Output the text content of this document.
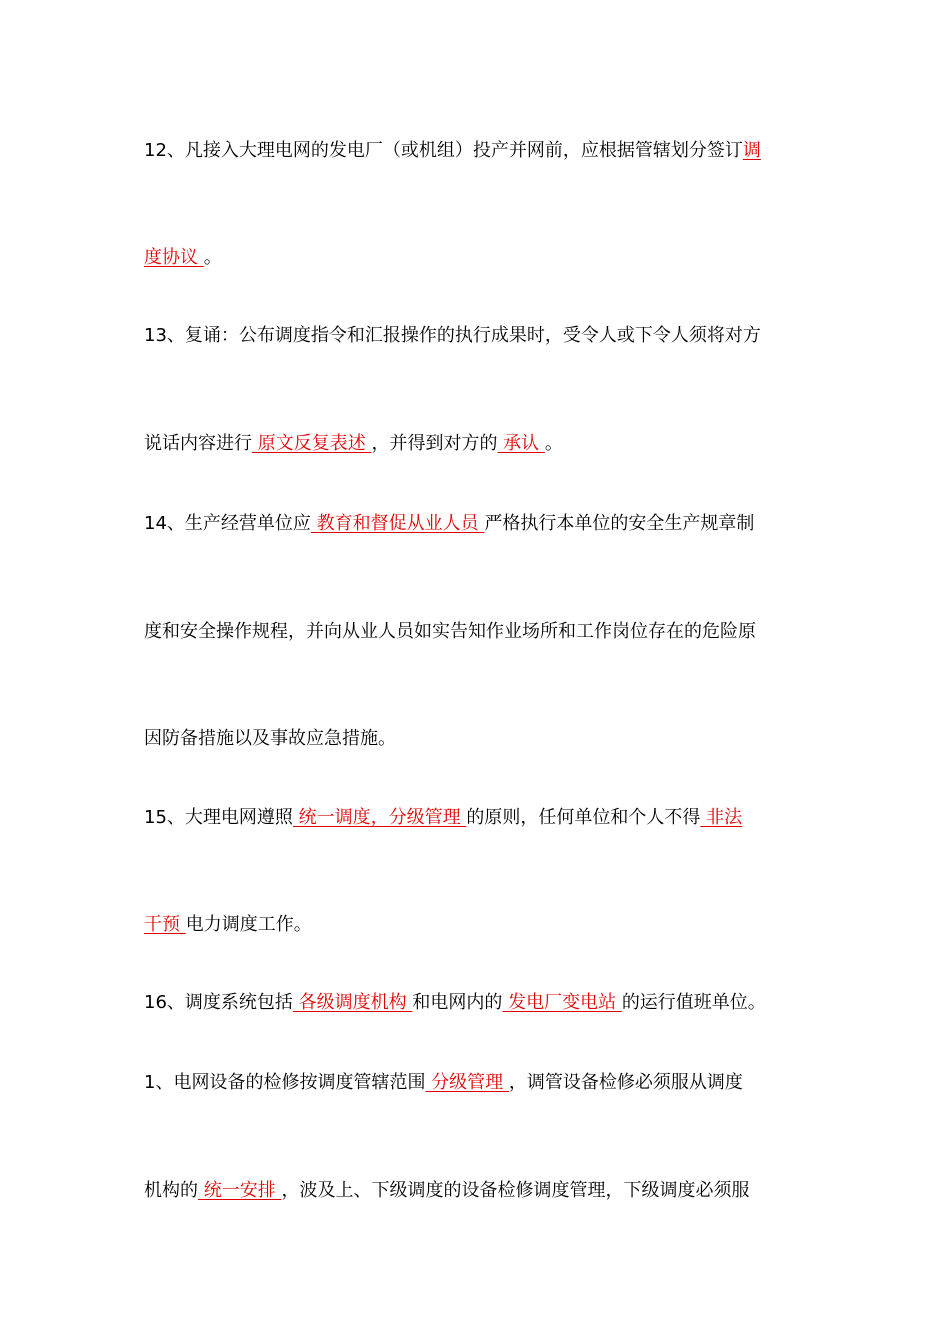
12、凡接入大理电网的发电厂（或机组）投产并网前，应根据管辖划分签订调
度协议 。
13、复诵：公布调度指令和汇报操作的执行成果时，受令人或下令人须将对方
说话内容进行 原文反复表述 ，并得到对方的 承认 。
14、生产经营单位应 教育和督促从业人员 严格执行本单位的安全生产规章制
度和安全操作规程，并向从业人员如实告知作业场所和工作岗位存在的危险原
因防备措施以及事故应急措施。
15、大理电网遵照 统一调度，分级管理 的原则，任何单位和个人不得 非法
干预 电力调度工作。
16、调度系统包括 各级调度机构 和电网内的 发电厂变电站 的运行值班单位。
1、电网设备的检修按调度管辖范围 分级管理 ，调管设备检修必须服从调度
机构的 统一安排 ，波及上、下级调度的设备检修调度管理，下级调度必须服
